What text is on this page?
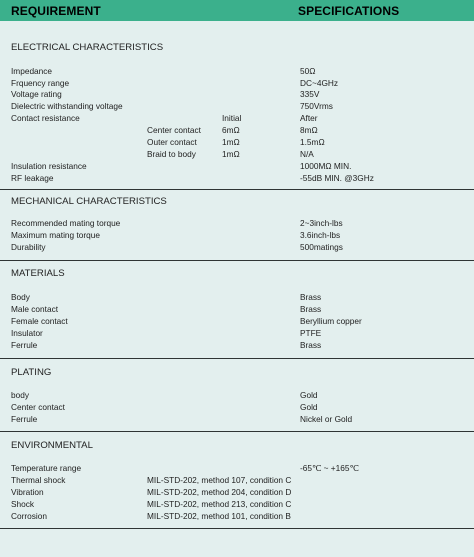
REQUIREMENT	SPECIFICATIONS
ELECTRICAL CHARACTERISTICS
Impedance	50Ω
Frquency range	DC~4GHz
Voltage rating	335V
Dielectric withstanding voltage	750Vrms
Contact resistance	Initial	After
Center contact	6mΩ	8mΩ
Outer contact	1mΩ	1.5mΩ
Braid to body	1mΩ	N/A
Insulation resistance	1000MΩ MIN.
RF leakage	-55dB MIN. @3GHz
MECHANICAL CHARACTERISTICS
Recommended mating torque	2~3inch-lbs
Maximum mating torque	3.6inch-lbs
Durability	500matings
MATERIALS
Body	Brass
Male contact	Brass
Female contact	Beryllium copper
Insulator	PTFE
Ferrule	Brass
PLATING
body	Gold
Center contact	Gold
Ferrule	Nickel or Gold
ENVIRONMENTAL
Temperature range	-65℃ ~ +165℃
Thermal shock	MIL-STD-202, method 107, condition C
Vibration	MIL-STD-202, method 204, condition D
Shock	MIL-STD-202, method 213, condition C
Corrosion	MIL-STD-202, method 101, condition B
